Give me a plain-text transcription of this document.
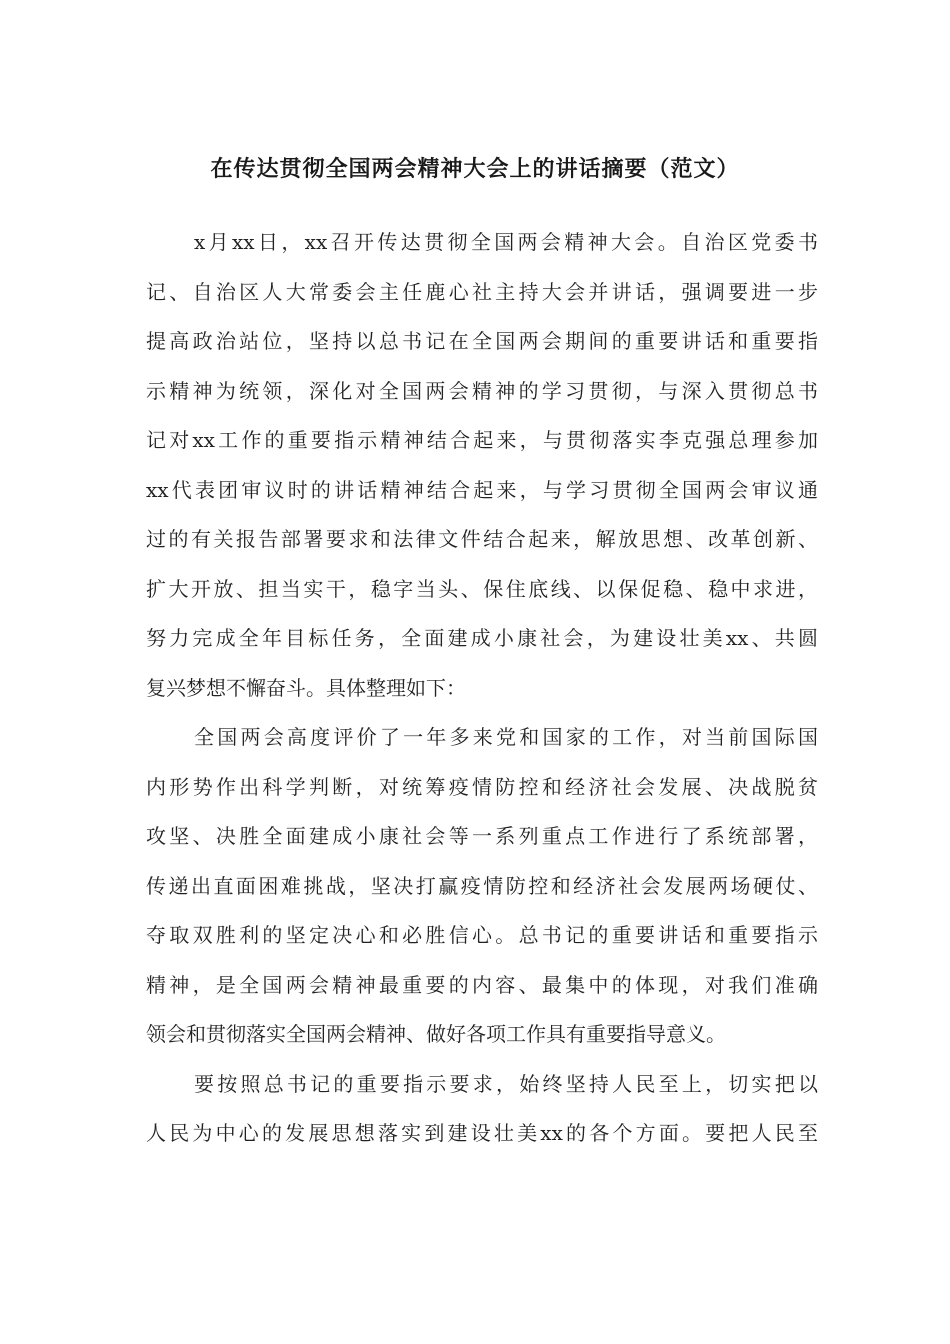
在传达贯彻全国两会精神大会上的讲话摘要（范文）
x月xx日，xx召开传达贯彻全国两会精神大会。自治区党委书
记、自治区人大常委会主任鹿心社主持大会并讲话，强调要进一步
提高政治站位，坚持以总书记在全国两会期间的重要讲话和重要指
示精神为统领，深化对全国两会精神的学习贯彻，与深入贯彻总书
记对xx工作的重要指示精神结合起来，与贯彻落实李克强总理参加
xx代表团审议时的讲话精神结合起来，与学习贯彻全国两会审议通
过的有关报告部署要求和法律文件结合起来，解放思想、改革创新、
扩大开放、担当实干，稳字当头、保住底线、以保促稳、稳中求进，
努力完成全年目标任务，全面建成小康社会，为建设壮美xx、共圆
复兴梦想不懈奋斗。具体整理如下：
全国两会高度评价了一年多来党和国家的工作，对当前国际国
内形势作出科学判断，对统筹疫情防控和经济社会发展、决战脱贫
攻坚、决胜全面建成小康社会等一系列重点工作进行了系统部署，
传递出直面困难挑战，坚决打赢疫情防控和经济社会发展两场硬仗、
夺取双胜利的坚定决心和必胜信心。总书记的重要讲话和重要指示
精神，是全国两会精神最重要的内容、最集中的体现，对我们准确
领会和贯彻落实全国两会精神、做好各项工作具有重要指导意义。
要按照总书记的重要指示要求，始终坚持人民至上，切实把以
人民为中心的发展思想落实到建设壮美xx的各个方面。要把人民至
